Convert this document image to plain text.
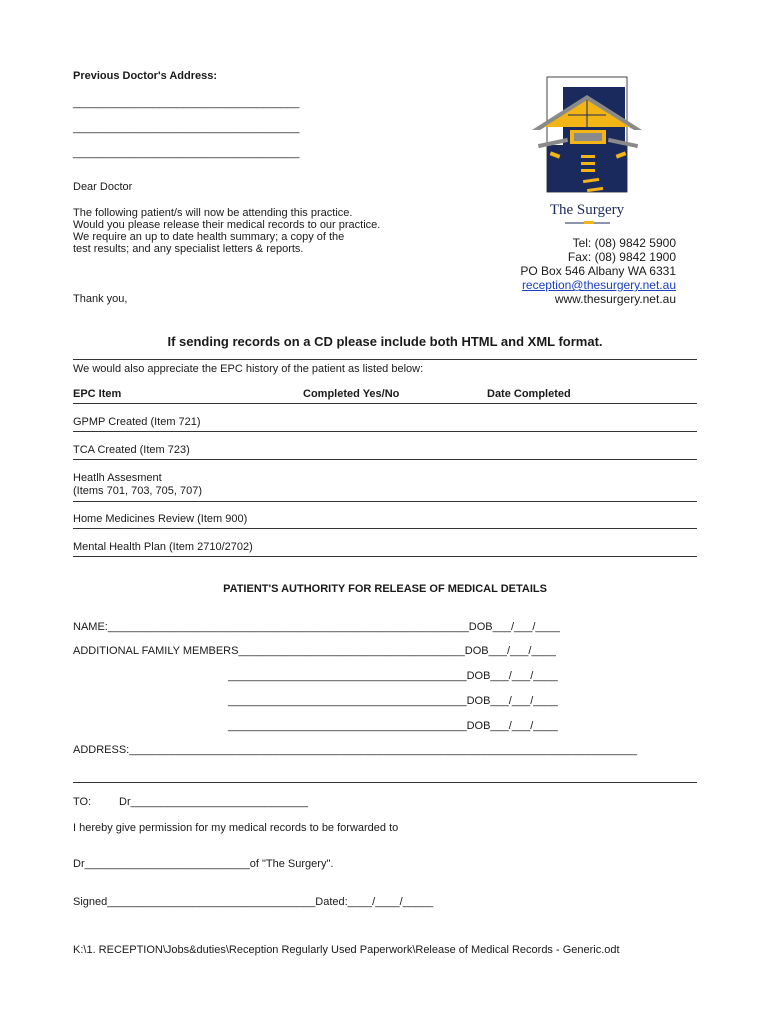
Previous Doctor's Address:
_____________________________________
_____________________________________
_____________________________________
Dear Doctor
The following patient/s will now be attending this practice.
Would you please release their medical records to our practice.
We require an up to date health summary; a copy of the
test results; and any specialist letters & reports.
Thank you,
The Surgery
Tel: (08) 9842 5900
Fax: (08) 9842 1900
PO Box 546 Albany WA 6331
reception@thesurgery.net.au
www.thesurgery.net.au
If sending records on a CD please include both HTML and XML format.
We would also appreciate the EPC history of the patient as listed below:
EPC Item	Completed Yes/No	Date Completed
GPMP Created (Item 721)
TCA Created (Item 723)
Heatlh Assesment
(Items 701, 703, 705, 707)
Home Medicines Review (Item 900)
Mental Health Plan (Item 2710/2702)
PATIENT'S AUTHORITY FOR RELEASE OF MEDICAL DETAILS
NAME:___________________________________________________________DOB___/___/____
ADDITIONAL FAMILY MEMBERS_____________________________________DOB___/___/____
_______________________________________DOB___/___/____
_______________________________________DOB___/___/____
_______________________________________DOB___/___/____
ADDRESS:___________________________________________________________________________________
TO:	Dr_____________________________
I hereby give permission for my medical records to be forwarded to
Dr___________________________of "The Surgery".
Signed__________________________________Dated:____/____/_____
K:\1. RECEPTION\Jobs&duties\Reception Regularly Used Paperwork\Release of Medical Records - Generic.odt
